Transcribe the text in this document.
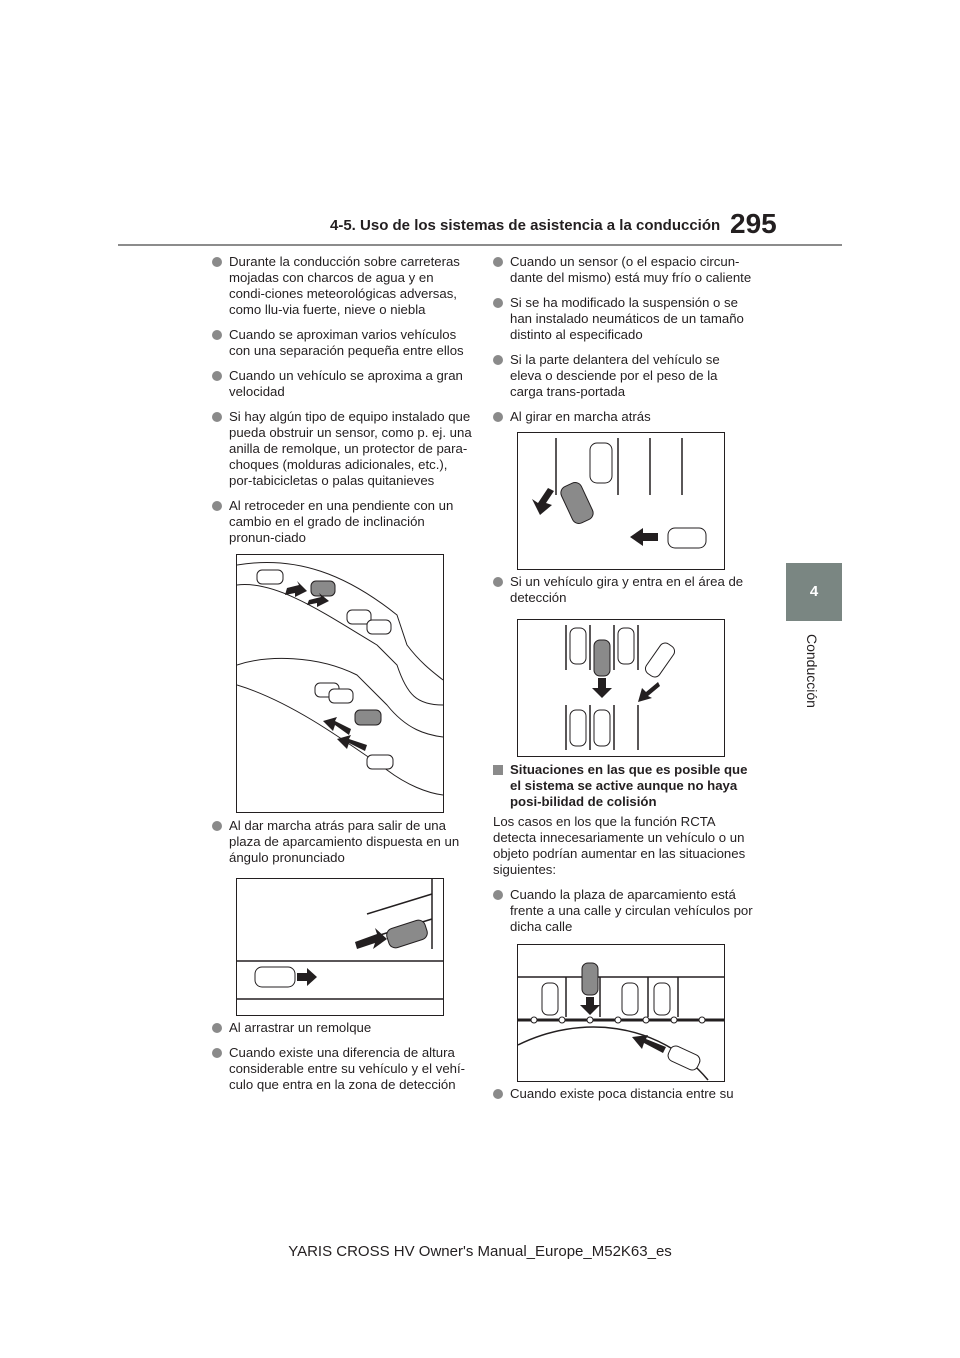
4-5. Uso de los sistemas de asistencia a la conducción 295
4
Conducción
Durante la conducción sobre carreteras mojadas con charcos de agua y en condi-ciones meteorológicas adversas, como llu-via fuerte, nieve o niebla
Cuando se aproximan varios vehículos con una separación pequeña entre ellos
Cuando un vehículo se aproxima a gran velocidad
Si hay algún tipo de equipo instalado que pueda obstruir un sensor, como p. ej. una anilla de remolque, un protector de para-choques (molduras adicionales, etc.), por-tabicicletas o palas quitanieves
Al retroceder en una pendiente con un cambio en el grado de inclinación pronun-ciado
Al dar marcha atrás para salir de una plaza de aparcamiento dispuesta en un ángulo pronunciado
Al arrastrar un remolque
Cuando existe una diferencia de altura considerable entre su vehículo y el vehí-culo que entra en la zona de detección
Cuando un sensor (o el espacio circun-dante del mismo) está muy frío o caliente
Si se ha modificado la suspensión o se han instalado neumáticos de un tamaño distinto al especificado
Si la parte delantera del vehículo se eleva o desciende por el peso de la carga trans-portada
Al girar en marcha atrás
Si un vehículo gira y entra en el área de detección
Situaciones en las que es posible que el sistema se active aunque no haya posi-bilidad de colisión
Los casos en los que la función RCTA detecta innecesariamente un vehículo o un objeto podrían aumentar en las situaciones siguientes:
Cuando la plaza de aparcamiento está frente a una calle y circulan vehículos por dicha calle
Cuando existe poca distancia entre su
YARIS CROSS HV Owner's Manual_Europe_M52K63_es
